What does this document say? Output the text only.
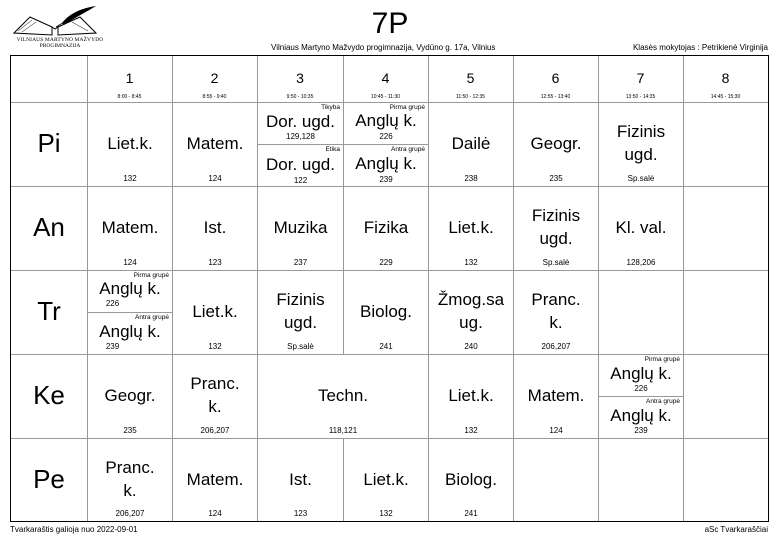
VILNIAUS MARTYNO MAŽVYDO
PROGIMNAZIJA
7P
Vilniaus Martyno Mažvydo progimnazija, Vydūno g. 17a, Vilnius	Klasės mokytojas : Petrikienė Virginija
1
8:00 - 8:45
2
8:55 - 9:40
3
9:50 - 10:35
4
10:45 - 11:30
5
11:50 - 12:35
6
12:55 - 13:40
7
13:50 - 14:35
8
14:45 - 15:30
Pi
An
Tr
Ke
Pe
Liet.k.
132
Matem.
124
Tikyba
Dor. ugd.
129,128
Etika
Dor. ugd.
122
Pirma grupė
Anglų k.
226
Antra grupė
Anglų k.
239
Dailė
238
Geogr.
235
Fizinis
ugd.
Sp.salė
Matem.
124
Ist.
123
Muzika
237
Fizika
229
Liet.k.
132
Fizinis
ugd.
Sp.salė
Kl. val.
128,206
Pirma grupė
Anglų k.
226
Antra grupė
Anglų k.
239
Liet.k.
132
Fizinis
ugd.
Sp.salė
Biolog.
241
Žmog.sa
ug.
240
Pranc.
k.
206,207
Geogr.
235
Pranc.
k.
206,207
Techn.
118,121
Liet.k.
132
Matem.
124
Pirma grupė
Anglų k.
226
Antra grupė
Anglų k.
239
Pranc.
k.
206,207
Matem.
124
Ist.
123
Liet.k.
132
Biolog.
241
Tvarkaraštis galioja nuo 2022-09-01	aSc Tvarkaraščiai
